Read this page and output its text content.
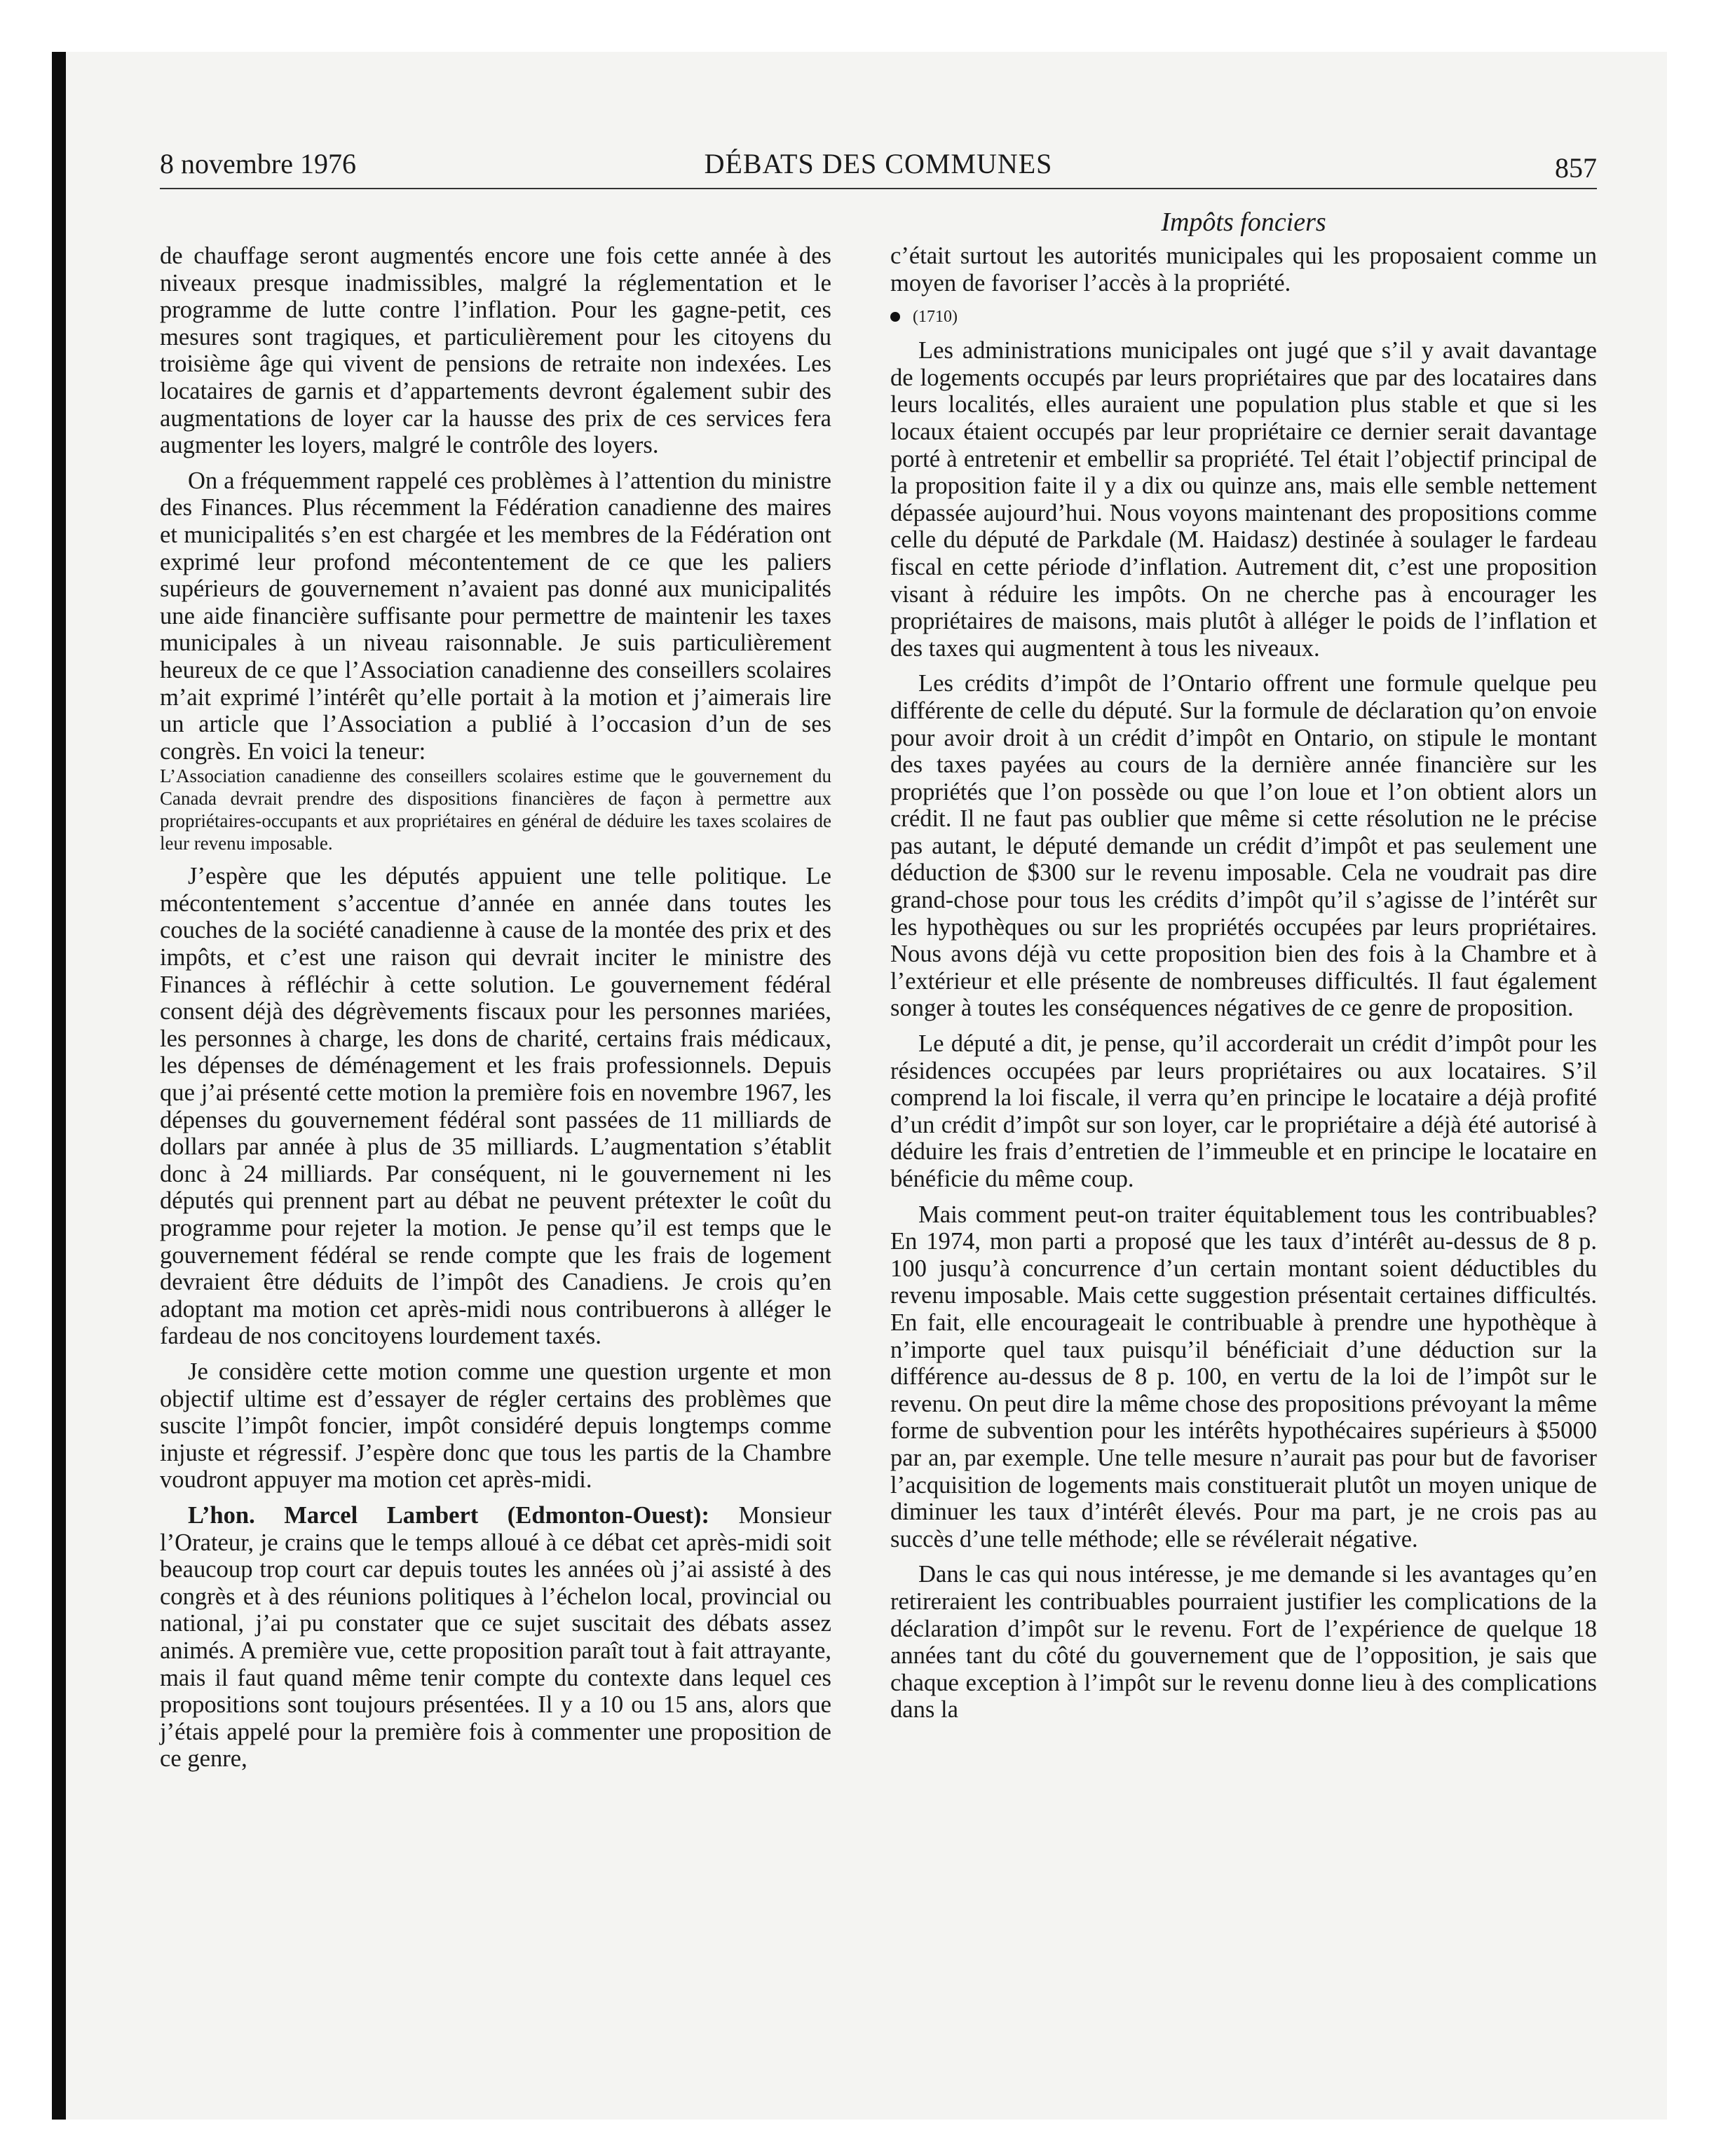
8 novembre 1976	DÉBATS DES COMMUNES	857

de chauffage seront augmentés encore une fois cette année à des niveaux presque inadmissibles, malgré la réglementation et le programme de lutte contre l’inflation. Pour les gagne-petit, ces mesures sont tragiques, et particulièrement pour les citoyens du troisième âge qui vivent de pensions de retraite non indexées. Les locataires de garnis et d’appartements devront également subir des augmentations de loyer car la hausse des prix de ces services fera augmenter les loyers, malgré le contrôle des loyers.

On a fréquemment rappelé ces problèmes à l’attention du ministre des Finances. Plus récemment la Fédération canadienne des maires et municipalités s’en est chargée et les membres de la Fédération ont exprimé leur profond mécontentement de ce que les paliers supérieurs de gouvernement n’avaient pas donné aux municipalités une aide financière suffisante pour permettre de maintenir les taxes municipales à un niveau raisonnable. Je suis particulièrement heureux de ce que l’Association canadienne des conseillers scolaires m’ait exprimé l’intérêt qu’elle portait à la motion et j’aimerais lire un article que l’Association a publié à l’occasion d’un de ses congrès. En voici la teneur:

L’Association canadienne des conseillers scolaires estime que le gouvernement du Canada devrait prendre des dispositions financières de façon à permettre aux propriétaires-occupants et aux propriétaires en général de déduire les taxes scolaires de leur revenu imposable.

J’espère que les députés appuient une telle politique. Le mécontentement s’accentue d’année en année dans toutes les couches de la société canadienne à cause de la montée des prix et des impôts, et c’est une raison qui devrait inciter le ministre des Finances à réfléchir à cette solution. Le gouvernement fédéral consent déjà des dégrèvements fiscaux pour les personnes mariées, les personnes à charge, les dons de charité, certains frais médicaux, les dépenses de déménagement et les frais professionnels. Depuis que j’ai présenté cette motion la première fois en novembre 1967, les dépenses du gouvernement fédéral sont passées de 11 milliards de dollars par année à plus de 35 milliards. L’augmentation s’établit donc à 24 milliards. Par conséquent, ni le gouvernement ni les députés qui prennent part au débat ne peuvent prétexter le coût du programme pour rejeter la motion. Je pense qu’il est temps que le gouvernement fédéral se rende compte que les frais de logement devraient être déduits de l’impôt des Canadiens. Je crois qu’en adoptant ma motion cet après-midi nous contribuerons à alléger le fardeau de nos concitoyens lourdement taxés.

Je considère cette motion comme une question urgente et mon objectif ultime est d’essayer de régler certains des problèmes que suscite l’impôt foncier, impôt considéré depuis longtemps comme injuste et régressif. J’espère donc que tous les partis de la Chambre voudront appuyer ma motion cet après-midi.

L’hon. Marcel Lambert (Edmonton-Ouest): Monsieur l’Orateur, je crains que le temps alloué à ce débat cet après-midi soit beaucoup trop court car depuis toutes les années où j’ai assisté à des congrès et à des réunions politiques à l’échelon local, provincial ou national, j’ai pu constater que ce sujet suscitait des débats assez animés. A première vue, cette proposition paraît tout à fait attrayante, mais il faut quand même tenir compte du contexte dans lequel ces propositions sont toujours présentées. Il y a 10 ou 15 ans, alors que j’étais appelé pour la première fois à commenter une proposition de ce genre,

Impôts fonciers

c’était surtout les autorités municipales qui les proposaient comme un moyen de favoriser l’accès à la propriété.

(1710)

Les administrations municipales ont jugé que s’il y avait davantage de logements occupés par leurs propriétaires que par des locataires dans leurs localités, elles auraient une population plus stable et que si les locaux étaient occupés par leur propriétaire ce dernier serait davantage porté à entretenir et embellir sa propriété. Tel était l’objectif principal de la proposition faite il y a dix ou quinze ans, mais elle semble nettement dépassée aujourd’hui. Nous voyons maintenant des propositions comme celle du député de Parkdale (M. Haidasz) destinée à soulager le fardeau fiscal en cette période d’inflation. Autrement dit, c’est une proposition visant à réduire les impôts. On ne cherche pas à encourager les propriétaires de maisons, mais plutôt à alléger le poids de l’inflation et des taxes qui augmentent à tous les niveaux.

Les crédits d’impôt de l’Ontario offrent une formule quelque peu différente de celle du député. Sur la formule de déclaration qu’on envoie pour avoir droit à un crédit d’impôt en Ontario, on stipule le montant des taxes payées au cours de la dernière année financière sur les propriétés que l’on possède ou que l’on loue et l’on obtient alors un crédit. Il ne faut pas oublier que même si cette résolution ne le précise pas autant, le député demande un crédit d’impôt et pas seulement une déduction de $300 sur le revenu imposable. Cela ne voudrait pas dire grand-chose pour tous les crédits d’impôt qu’il s’agisse de l’intérêt sur les hypothèques ou sur les propriétés occupées par leurs propriétaires. Nous avons déjà vu cette proposition bien des fois à la Chambre et à l’extérieur et elle présente de nombreuses difficultés. Il faut également songer à toutes les conséquences négatives de ce genre de proposition.

Le député a dit, je pense, qu’il accorderait un crédit d’impôt pour les résidences occupées par leurs propriétaires ou aux locataires. S’il comprend la loi fiscale, il verra qu’en principe le locataire a déjà profité d’un crédit d’impôt sur son loyer, car le propriétaire a déjà été autorisé à déduire les frais d’entretien de l’immeuble et en principe le locataire en bénéficie du même coup.

Mais comment peut-on traiter équitablement tous les contribuables? En 1974, mon parti a proposé que les taux d’intérêt au-dessus de 8 p. 100 jusqu’à concurrence d’un certain montant soient déductibles du revenu imposable. Mais cette suggestion présentait certaines difficultés. En fait, elle encourageait le contribuable à prendre une hypothèque à n’importe quel taux puisqu’il bénéficiait d’une déduction sur la différence au-dessus de 8 p. 100, en vertu de la loi de l’impôt sur le revenu. On peut dire la même chose des propositions prévoyant la même forme de subvention pour les intérêts hypothécaires supérieurs à $5000 par an, par exemple. Une telle mesure n’aurait pas pour but de favoriser l’acquisition de logements mais constituerait plutôt un moyen unique de diminuer les taux d’intérêt élevés. Pour ma part, je ne crois pas au succès d’une telle méthode; elle se révélerait négative.

Dans le cas qui nous intéresse, je me demande si les avantages qu’en retireraient les contribuables pourraient justifier les complications de la déclaration d’impôt sur le revenu. Fort de l’expérience de quelque 18 années tant du côté du gouvernement que de l’opposition, je sais que chaque exception à l’impôt sur le revenu donne lieu à des complications dans la
